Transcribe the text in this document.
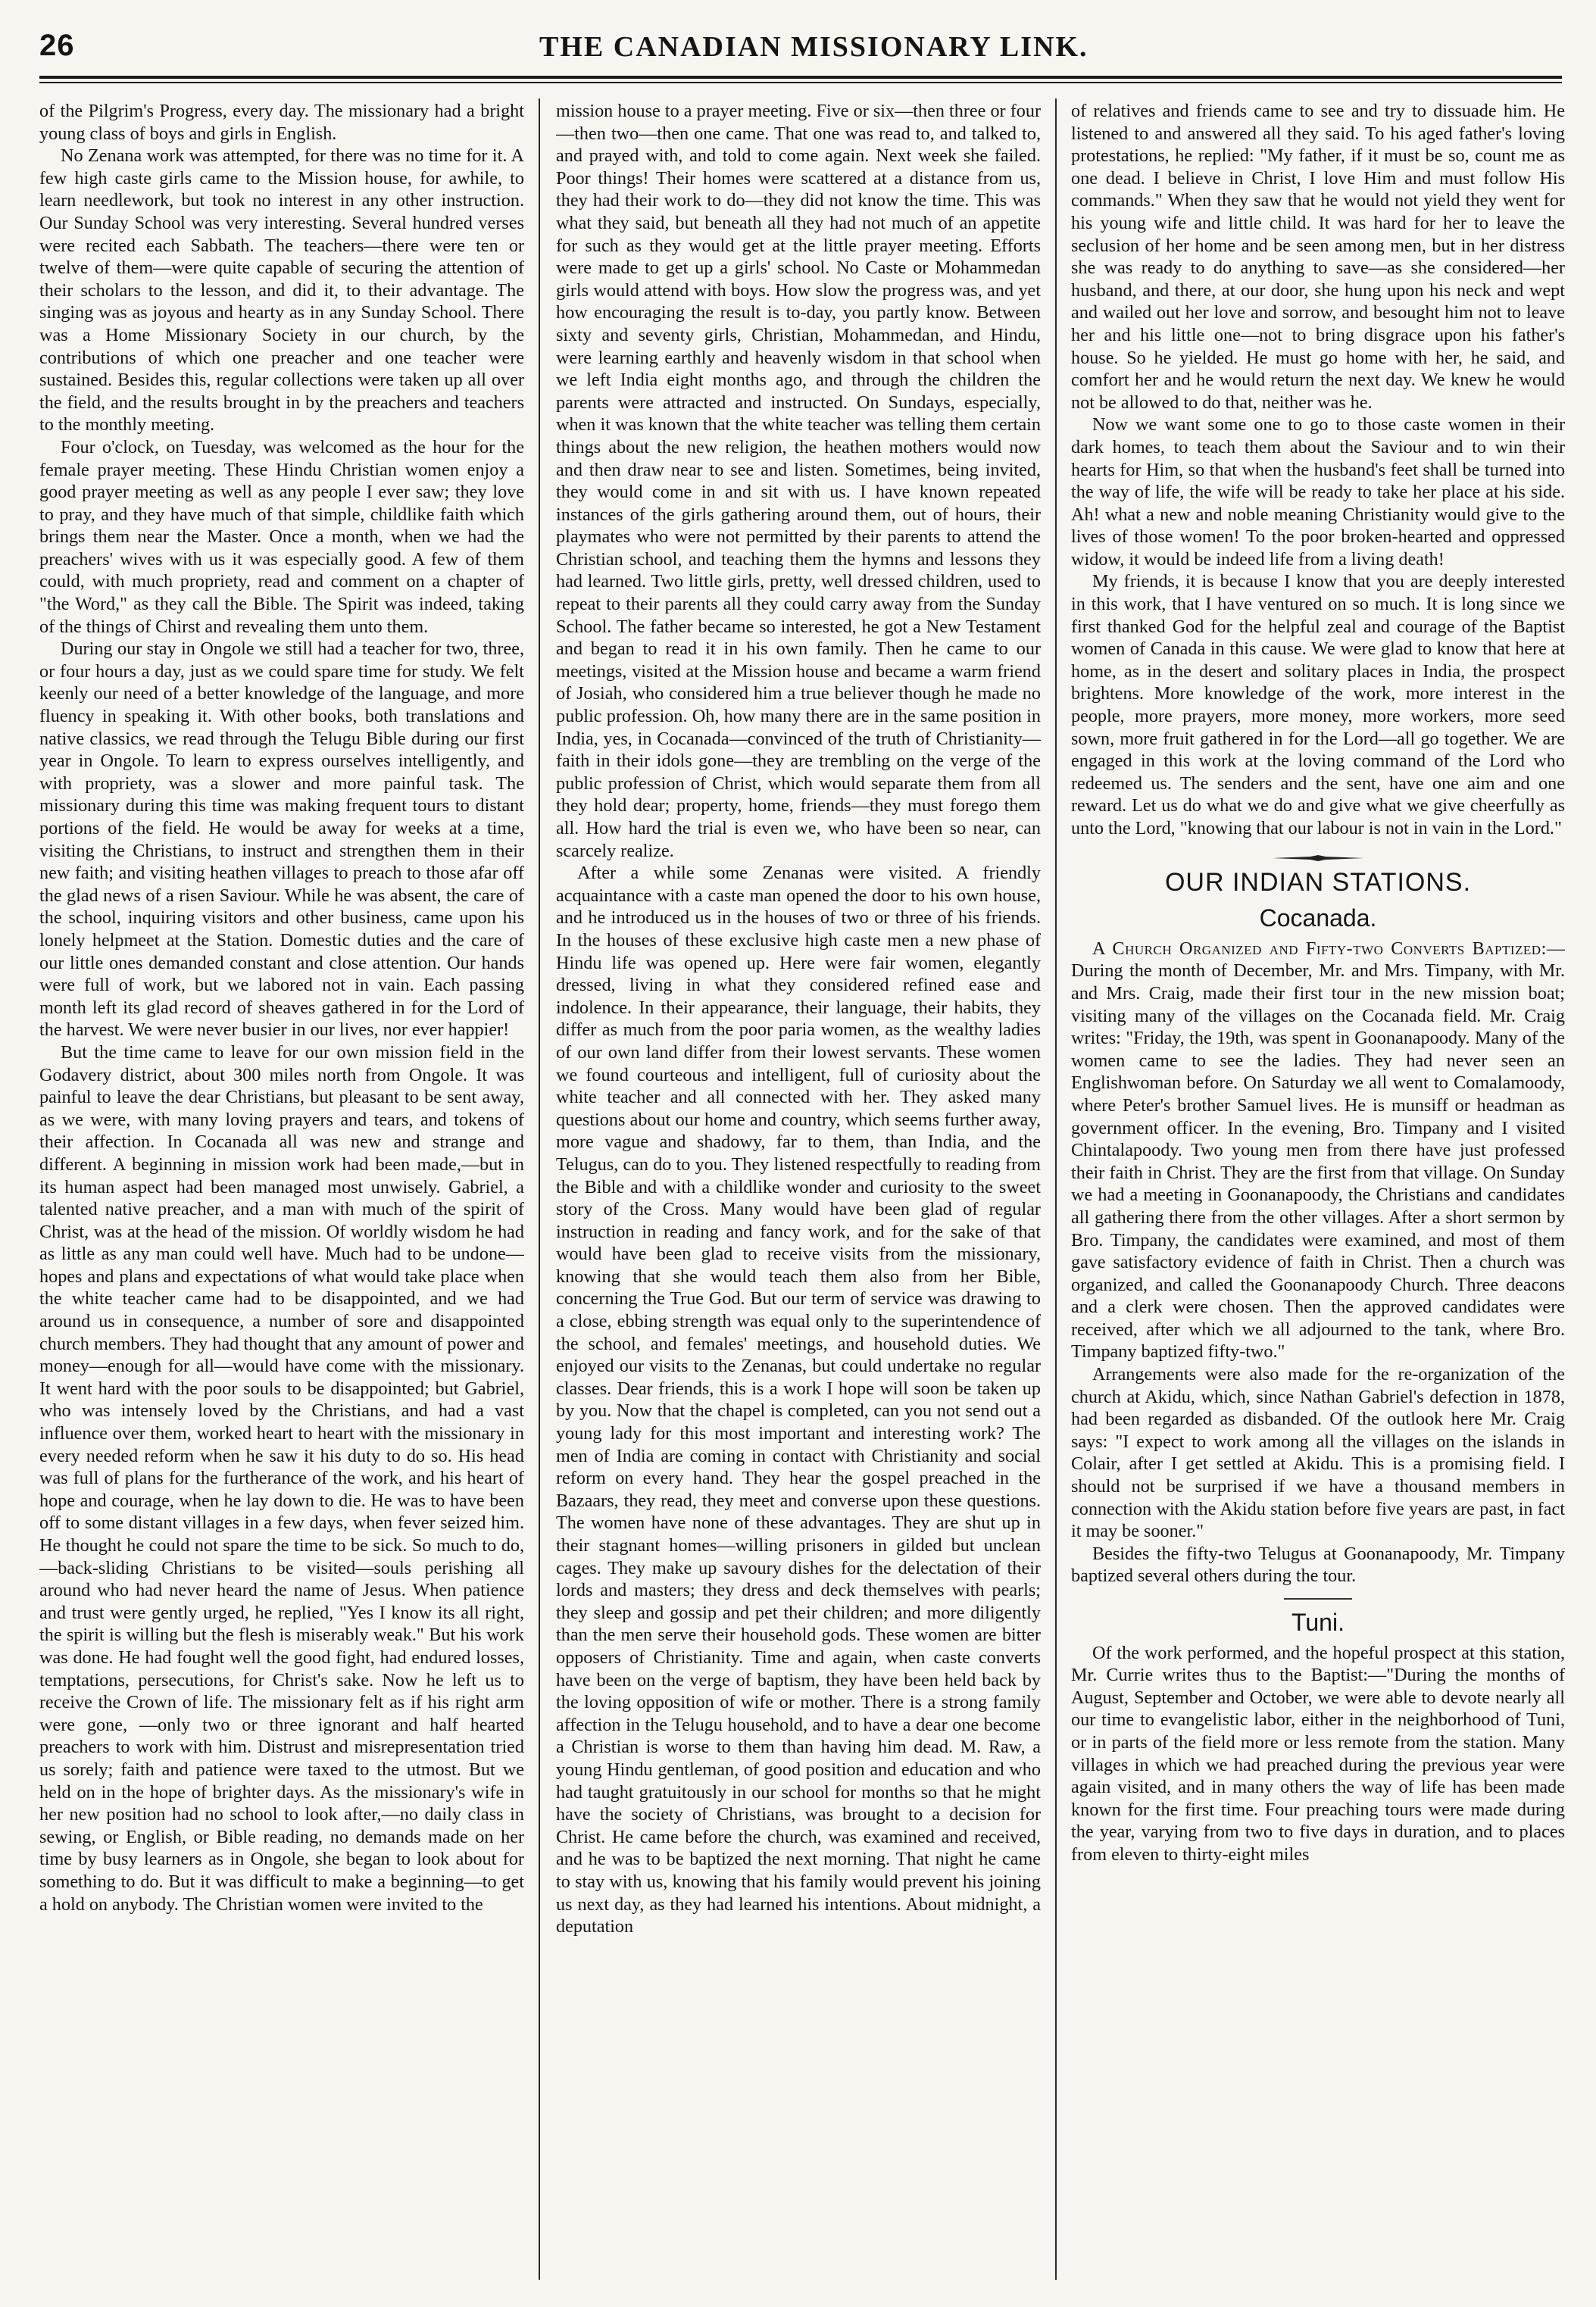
26	THE CANADIAN MISSIONARY LINK.

of the Pilgrim's Progress, every day. The missionary had a bright young class of boys and girls in English.

No Zenana work was attempted, for there was no time for it. A few high caste girls came to the Mission house, for awhile, to learn needlework, but took no interest in any other instruction. Our Sunday School was very interesting. Several hundred verses were recited each Sabbath. The teachers—there were ten or twelve of them—were quite capable of securing the attention of their scholars to the lesson, and did it, to their advantage. The singing was as joyous and hearty as in any Sunday School. There was a Home Missionary Society in our church, by the contributions of which one preacher and one teacher were sustained. Besides this, regular collections were taken up all over the field, and the results brought in by the preachers and teachers to the monthly meeting.

Four o'clock, on Tuesday, was welcomed as the hour for the female prayer meeting. These Hindu Christian women enjoy a good prayer meeting as well as any people I ever saw; they love to pray, and they have much of that simple, childlike faith which brings them near the Master. Once a month, when we had the preachers' wives with us it was especially good. A few of them could, with much propriety, read and comment on a chapter of "the Word," as they call the Bible. The Spirit was indeed, taking of the things of Chirst and revealing them unto them.

During our stay in Ongole we still had a teacher for two, three, or four hours a day, just as we could spare time for study. We felt keenly our need of a better knowledge of the language, and more fluency in speaking it. With other books, both translations and native classics, we read through the Telugu Bible during our first year in Ongole. To learn to express ourselves intelligently, and with propriety, was a slower and more painful task. The missionary during this time was making frequent tours to distant portions of the field. He would be away for weeks at a time, visiting the Christians, to instruct and strengthen them in their new faith; and visiting heathen villages to preach to those afar off the glad news of a risen Saviour. While he was absent, the care of the school, inquiring visitors and other business, came upon his lonely helpmeet at the Station. Domestic duties and the care of our little ones demanded constant and close attention. Our hands were full of work, but we labored not in vain. Each passing month left its glad record of sheaves gathered in for the Lord of the harvest. We were never busier in our lives, nor ever happier!

But the time came to leave for our own mission field in the Godavery district, about 300 miles north from Ongole. It was painful to leave the dear Christians, but pleasant to be sent away, as we were, with many loving prayers and tears, and tokens of their affection. In Cocanada all was new and strange and different. A beginning in mission work had been made,—but in its human aspect had been managed most unwisely. Gabriel, a talented native preacher, and a man with much of the spirit of Christ, was at the head of the mission. Of worldly wisdom he had as little as any man could well have. Much had to be undone—hopes and plans and expectations of what would take place when the white teacher came had to be disappointed, and we had around us in consequence, a number of sore and disappointed church members. They had thought that any amount of power and money—enough for all—would have come with the missionary. It went hard with the poor souls to be disappointed; but Gabriel, who was intensely loved by the Christians, and had a vast influence over them, worked heart to heart with the missionary in every needed reform when he saw it his duty to do so. His head was full of plans for the furtherance of the work, and his heart of hope and courage, when he lay down to die. He was to have been off to some distant villages in a few days, when fever seized him. He thought he could not spare the time to be sick. So much to do,—back-sliding Christians to be visited—souls perishing all around who had never heard the name of Jesus. When patience and trust were gently urged, he replied, "Yes I know its all right, the spirit is willing but the flesh is miserably weak." But his work was done. He had fought well the good fight, had endured losses, temptations, persecutions, for Christ's sake. Now he left us to receive the Crown of life. The missionary felt as if his right arm were gone, —only two or three ignorant and half hearted preachers to work with him. Distrust and misrepresentation tried us sorely; faith and patience were taxed to the utmost. But we held on in the hope of brighter days. As the missionary's wife in her new position had no school to look after,—no daily class in sewing, or English, or Bible reading, no demands made on her time by busy learners as in Ongole, she began to look about for something to do. But it was difficult to make a beginning—to get a hold on anybody. The Christian women were invited to the

mission house to a prayer meeting. Five or six—then three or four—then two—then one came. That one was read to, and talked to, and prayed with, and told to come again. Next week she failed. Poor things! Their homes were scattered at a distance from us, they had their work to do—they did not know the time. This was what they said, but beneath all they had not much of an appetite for such as they would get at the little prayer meeting. Efforts were made to get up a girls' school. No Caste or Mohammedan girls would attend with boys. How slow the progress was, and yet how encouraging the result is to-day, you partly know. Between sixty and seventy girls, Christian, Mohammedan, and Hindu, were learning earthly and heavenly wisdom in that school when we left India eight months ago, and through the children the parents were attracted and instructed. On Sundays, especially, when it was known that the white teacher was telling them certain things about the new religion, the heathen mothers would now and then draw near to see and listen. Sometimes, being invited, they would come in and sit with us. I have known repeated instances of the girls gathering around them, out of hours, their playmates who were not permitted by their parents to attend the Christian school, and teaching them the hymns and lessons they had learned. Two little girls, pretty, well dressed children, used to repeat to their parents all they could carry away from the Sunday School. The father became so interested, he got a New Testament and began to read it in his own family. Then he came to our meetings, visited at the Mission house and became a warm friend of Josiah, who considered him a true believer though he made no public profession. Oh, how many there are in the same position in India, yes, in Cocanada—convinced of the truth of Christianity—faith in their idols gone—they are trembling on the verge of the public profession of Christ, which would separate them from all they hold dear; property, home, friends—they must forego them all. How hard the trial is even we, who have been so near, can scarcely realize.

After a while some Zenanas were visited. A friendly acquaintance with a caste man opened the door to his own house, and he introduced us in the houses of two or three of his friends. In the houses of these exclusive high caste men a new phase of Hindu life was opened up. Here were fair women, elegantly dressed, living in what they considered refined ease and indolence. In their appearance, their language, their habits, they differ as much from the poor paria women, as the wealthy ladies of our own land differ from their lowest servants. These women we found courteous and intelligent, full of curiosity about the white teacher and all connected with her. They asked many questions about our home and country, which seems further away, more vague and shadowy, far to them, than India, and the Telugus, can do to you. They listened respectfully to reading from the Bible and with a childlike wonder and curiosity to the sweet story of the Cross. Many would have been glad of regular instruction in reading and fancy work, and for the sake of that would have been glad to receive visits from the missionary, knowing that she would teach them also from her Bible, concerning the True God. But our term of service was drawing to a close, ebbing strength was equal only to the superintendence of the school, and females' meetings, and household duties. We enjoyed our visits to the Zenanas, but could undertake no regular classes. Dear friends, this is a work I hope will soon be taken up by you. Now that the chapel is completed, can you not send out a young lady for this most important and interesting work? The men of India are coming in contact with Christianity and social reform on every hand. They hear the gospel preached in the Bazaars, they read, they meet and converse upon these questions. The women have none of these advantages. They are shut up in their stagnant homes—willing prisoners in gilded but unclean cages. They make up savoury dishes for the delectation of their lords and masters; they dress and deck themselves with pearls; they sleep and gossip and pet their children; and more diligently than the men serve their household gods. These women are bitter opposers of Christianity. Time and again, when caste converts have been on the verge of baptism, they have been held back by the loving opposition of wife or mother. There is a strong family affection in the Telugu household, and to have a dear one become a Christian is worse to them than having him dead. M. Raw, a young Hindu gentleman, of good position and education and who had taught gratuitously in our school for months so that he might have the society of Christians, was brought to a decision for Christ. He came before the church, was examined and received, and he was to be baptized the next morning. That night he came to stay with us, knowing that his family would prevent his joining us next day, as they had learned his intentions. About midnight, a deputation

of relatives and friends came to see and try to dissuade him. He listened to and answered all they said. To his aged father's loving protestations, he replied: "My father, if it must be so, count me as one dead. I believe in Christ, I love Him and must follow His commands." When they saw that he would not yield they went for his young wife and little child. It was hard for her to leave the seclusion of her home and be seen among men, but in her distress she was ready to do anything to save—as she considered—her husband, and there, at our door, she hung upon his neck and wept and wailed out her love and sorrow, and besought him not to leave her and his little one—not to bring disgrace upon his father's house. So he yielded. He must go home with her, he said, and comfort her and he would return the next day. We knew he would not be allowed to do that, neither was he.

Now we want some one to go to those caste women in their dark homes, to teach them about the Saviour and to win their hearts for Him, so that when the husband's feet shall be turned into the way of life, the wife will be ready to take her place at his side. Ah! what a new and noble meaning Christianity would give to the lives of those women! To the poor broken-hearted and oppressed widow, it would be indeed life from a living death!

My friends, it is because I know that you are deeply interested in this work, that I have ventured on so much. It is long since we first thanked God for the helpful zeal and courage of the Baptist women of Canada in this cause. We were glad to know that here at home, as in the desert and solitary places in India, the prospect brightens. More knowledge of the work, more interest in the people, more prayers, more money, more workers, more seed sown, more fruit gathered in for the Lord—all go together. We are engaged in this work at the loving command of the Lord who redeemed us. The senders and the sent, have one aim and one reward. Let us do what we do and give what we give cheerfully as unto the Lord, "knowing that our labour is not in vain in the Lord."

OUR INDIAN STATIONS.
Cocanada.

A Church Organized and Fifty-two Converts Baptized:—During the month of December, Mr. and Mrs. Timpany, with Mr. and Mrs. Craig, made their first tour in the new mission boat; visiting many of the villages on the Cocanada field. Mr. Craig writes: "Friday, the 19th, was spent in Goonanapoody. Many of the women came to see the ladies. They had never seen an Englishwoman before. On Saturday we all went to Comalamoody, where Peter's brother Samuel lives. He is munsiff or headman as government officer. In the evening, Bro. Timpany and I visited Chintalapoody. Two young men from there have just professed their faith in Christ. They are the first from that village. On Sunday we had a meeting in Goonanapoody, the Christians and candidates all gathering there from the other villages. After a short sermon by Bro. Timpany, the candidates were examined, and most of them gave satisfactory evidence of faith in Christ. Then a church was organized, and called the Goonanapoody Church. Three deacons and a clerk were chosen. Then the approved candidates were received, after which we all adjourned to the tank, where Bro. Timpany baptized fifty-two."

Arrangements were also made for the re-organization of the church at Akidu, which, since Nathan Gabriel's defection in 1878, had been regarded as disbanded. Of the outlook here Mr. Craig says: "I expect to work among all the villages on the islands in Colair, after I get settled at Akidu. This is a promising field. I should not be surprised if we have a thousand members in connection with the Akidu station before five years are past, in fact it may be sooner."

Besides the fifty-two Telugus at Goonanapoody, Mr. Timpany baptized several others during the tour.

Tuni.

Of the work performed, and the hopeful prospect at this station, Mr. Currie writes thus to the Baptist:—"During the months of August, September and October, we were able to devote nearly all our time to evangelistic labor, either in the neighborhood of Tuni, or in parts of the field more or less remote from the station. Many villages in which we had preached during the previous year were again visited, and in many others the way of life has been made known for the first time. Four preaching tours were made during the year, varying from two to five days in duration, and to places from eleven to thirty-eight miles
